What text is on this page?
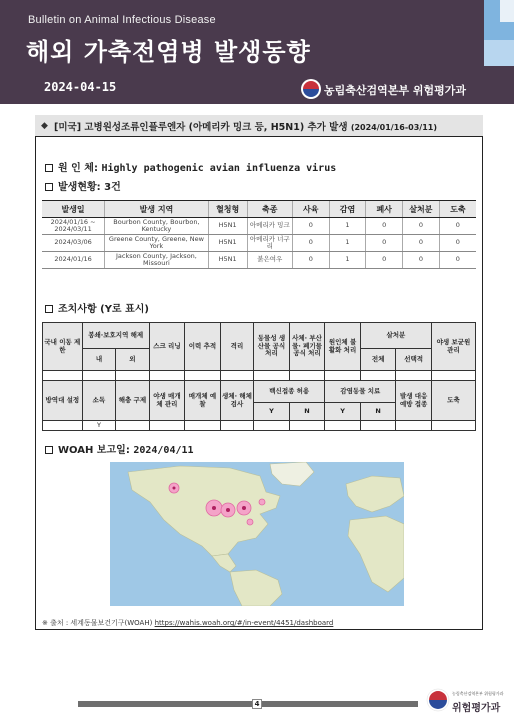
Bulletin on Animal Infectious Disease
해외 가축전염병 발생동향
2024-04-15	농림축산검역본부 위험평가과
◆ [미국] 고병원성조류인플루엔자 (아메리카 밍크 등, H5N1) 추가 발생 (2024/01/16-03/11)
원 인 체: Highly pathogenic avian influenza virus
발생현황: 3건
발생일	발생 지역	혈청형	축종	사육	감염	폐사	살처분	도축
2024/01/16 ~ 2024/03/11	Bourbon County, Bourbon, Kentucky	H5N1	아메리카 밍크	0	1	0	0	0
2024/03/06	Greene County, Greene, New York	H5N1	아메리카 너구리	0	1	0	0	0
2024/01/16	Jackson County, Jackson, Missouri	H5N1	붉은여우	0	1	0	0	0
조치사항 (Y로 표시)
국내 이동 제한	봉쇄·보호지역 해제		스크 리닝	이력 추적	격리	동물성 생산물 공식 처리	사체· 부산물· 폐기물 공식 처리	원인체 불활화 처리	살처분		야생 보균원 관리
	내	외							전체	선택적	

방역대 설정	소독	해충 구제	야생 매개체 관리	매개체 예찰	생체· 해체 검사	백신접종 허용		감염동물 치료		발생 대응 예방 접종	도축
						Y	N	Y	N		
	Y										
WOAH 보고일: 2024/04/11
※ 출처 : 세계동물보건기구(WOAH) https://wahis.woah.org/#/in-event/4451/dashboard
4
농림축산검역본부 위험평가과
위험평가과
